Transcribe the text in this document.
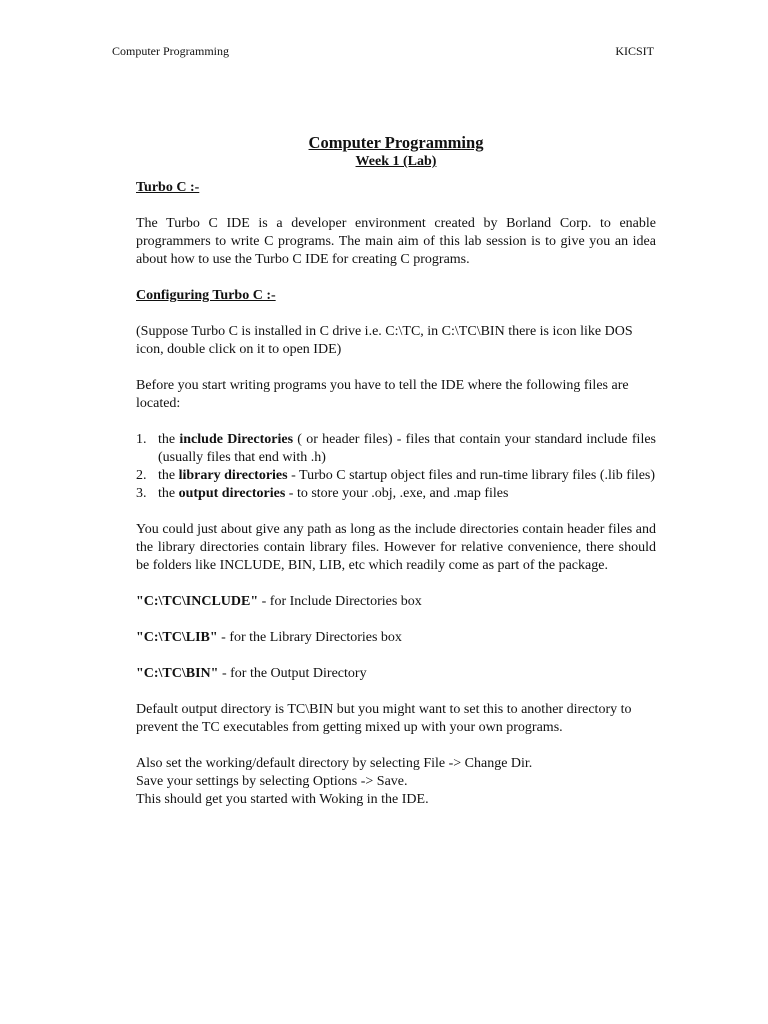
Computer Programming	KICSIT
Computer Programming
Week 1 (Lab)
Turbo C :-

The Turbo C IDE is a developer environment created by Borland Corp. to enable programmers to write C programs. The main aim of this lab session is to give you an idea about how to use the Turbo C IDE for creating C programs.

Configuring Turbo C :-

(Suppose Turbo C is installed in C drive i.e. C:\TC, in C:\TC\BIN there is icon like DOS icon, double click on it to open IDE)

Before you start writing programs you have to tell the IDE where the following files are located:

1. the include Directories ( or header files) - files that contain your standard include files (usually files that end with .h)
2. the library directories - Turbo C startup object files and run-time library files (.lib files)
3. the output directories - to store your .obj, .exe, and .map files

You could just about give any path as long as the include directories contain header files and the library directories contain library files. However for relative convenience, there should be folders like INCLUDE, BIN, LIB, etc which readily come as part of the package.

"C:\TC\INCLUDE" - for Include Directories box

"C:\TC\LIB" - for the Library Directories box

"C:\TC\BIN" - for the Output Directory

Default output directory is TC\BIN but you might want to set this to another directory to prevent the TC executables from getting mixed up with your own programs.

Also set the working/default directory by selecting File -> Change Dir.

Save your settings by selecting Options -> Save.

This should get you started with Woking in the IDE.
